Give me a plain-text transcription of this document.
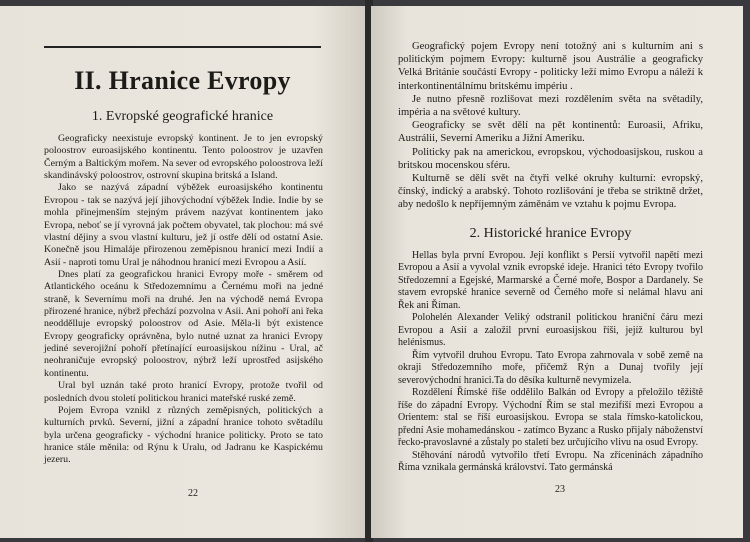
II. Hranice Evropy
1. Evropské geografické hranice

Geograficky neexistuje evropský kontinent. Je to jen evropský poloostrov euroasijského kontinentu. Tento poloostrov je uzavřen Černým a Baltickým mořem. Na sever od evropského poloostrova leží skandinávský poloostrov, ostrovní skupina britská a Island.

Jako se nazývá západní výběžek euroasijského kontinentu Evropou - tak se nazývá její jihovýchodní výběžek Indie. Indie by se mohla přinejmenším stejným právem nazývat kontinentem jako Evropa, neboť se jí vyrovná jak počtem obyvatel, tak plochou: má své vlastní dějiny a svou vlastní kulturu, jež jí ostře dělí od ostatní Asie. Konečně jsou Himaláje přirozenou zeměpisnou hranicí mezi Indií a Asií - naproti tomu Ural je náhodnou hranicí mezi Evropou a Asií.

Dnes platí za geografickou hranici Evropy moře - směrem od Atlantického oceánu k Středozemnímu a Černému moři na jedné straně, k Severnímu moři na druhé. Jen na východě nemá Evropa přirozené hranice, nýbrž přechází pozvolna v Asii. Ani pohoří ani řeka neoddělluje evropský poloostrov od Asie. Měla-li být existence Evropy geograficky oprávněna, bylo nutné uznat za hranici Evropy jediné severojižní pohoří přetínající euroasijskou nížinu - Ural, ač neohraničuje evropský poloostrov, nýbrž leží uprostřed asijského kontinentu.

Ural byl uznán také proto hranicí Evropy, protože tvořil od posledních dvou století politickou hranici mateřské ruské země.

Pojem Evropa vznikl z různých zeměpisných, politických a kulturních prvků. Severní, jižní a západní hranice tohoto světadílu byla určena geograficky - východní hranice politicky. Proto se tato hranice stále měnila: od Rýnu k Uralu, od Jadranu ke Kaspickému jezeru.

22

Geografický pojem Evropy není totožný ani s kulturním ani s politickým pojmem Evropy: kulturně jsou Austrálie a geograficky Velká Británie součástí Evropy - politicky leží mimo Evropu a náleží k interkontinentálnímu britskému impériu .

Je nutno přesně rozlišovat mezi rozdělením světa na světadíly, impéria a na světové kultury.

Geograficky se svět dělí na pět kontinentů: Euroasii, Afriku, Austrálii, Severní Ameriku a Jižní Ameriku.

Politicky pak na americkou, evropskou, východoasijskou, ruskou a britskou mocenskou sféru.

Kulturně se dělí svět na čtyři velké okruhy kulturní: evropský, čínský, indický a arabský. Tohoto rozlišování je třeba se striktně držet, aby nedošlo k nepříjemným záměnám ve vztahu k pojmu Evropa.

2. Historické hranice Evropy

Hellas byla první Evropou. Její konflikt s Persií vytvořil napětí mezi Evropou a Asií a vyvolal vznik evropské ideje. Hranici této Evropy tvořilo Středozemní a Egejské, Marmarské a Černé moře, Bospor a Dardanely. Se stavem evropské hranice severně od Černého moře si nelámal hlavu ani Řek ani Říman.

Polohelén Alexander Veliký odstranil politickou hraniční čáru mezi Evropou a Asií a založil první euroasijskou říši, jejíž kulturou byl helénismus.

Řím vytvořil druhou Evropu. Tato Evropa zahrnovala v sobě země na okraji Středozemního moře, přičemž Rýn a Dunaj tvořily její severovýchodní hranici.Ta do děsíka kulturně nevymizela.

Rozdělení Římské říše oddělilo Balkán od Evropy a přeložilo těžiště říše do západní Evropy. Východní Řím se stal mezifíší mezi Evropou a Orientem: stal se říší euroasijskou. Evropa se stala římsko-katolickou, přední Asie mohamedánskou - zatímco Byzanc a Rusko přijaly náboženství řecko-pravoslavné a zůstaly po staletí bez určujícího vlivu na osud Evropy.

Stěhování národů vytvořilo třetí Evropu. Na zříceninách západního Říma vznikala germánská království. Tato germánská

23
